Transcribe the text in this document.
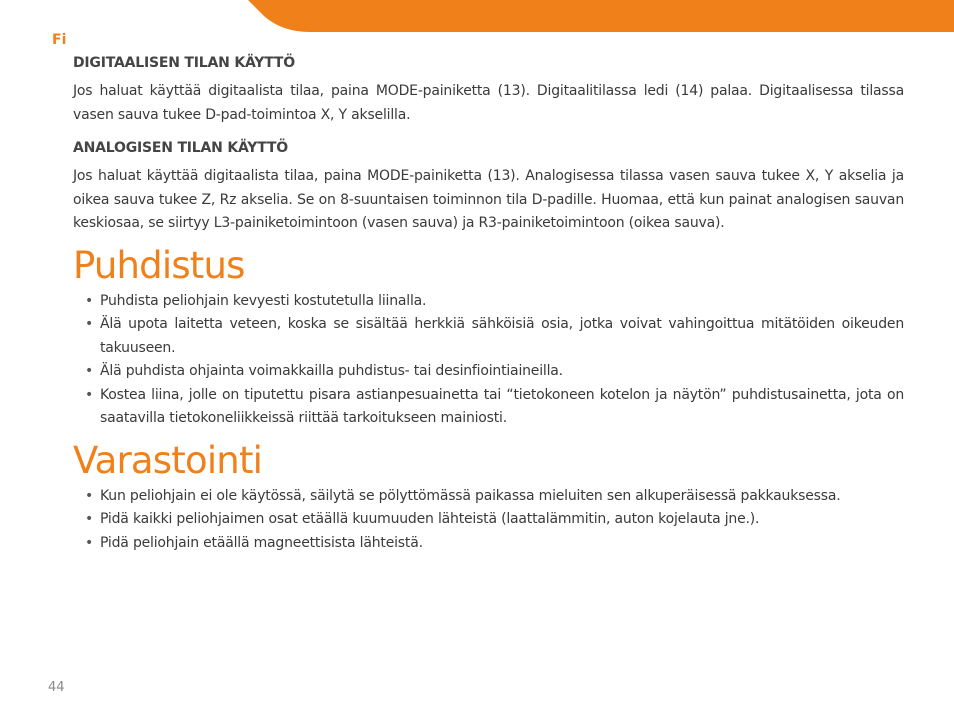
Fi
DIGITAALISEN TILAN KÄYTTÖ

Jos haluat käyttää digitaalista tilaa, paina MODE-painiketta (13). Digitaalitilassa ledi (14) palaa. Digitaalisessa tilassa vasen sauva tukee D-pad-toimintoa X, Y akselilla.

ANALOGISEN TILAN KÄYTTÖ

Jos haluat käyttää digitaalista tilaa, paina MODE-painiketta (13). Analogisessa tilassa vasen sauva tukee X, Y akselia ja oikea sauva tukee Z, Rz akselia. Se on 8-suuntaisen toiminnon tila D-padille. Huomaa, että kun painat analogisen sauvan keskiosaa, se siirtyy L3-painiketoimintoon (vasen sauva) ja R3-painiketoimintoon (oikea sauva).

Puhdistus
• Puhdista peliohjain kevyesti kostutetulla liinalla.
• Älä upota laitetta veteen, koska se sisältää herkkiä sähköisiä osia, jotka voivat vahingoittua mitätöiden oikeuden takuuseen.
• Älä puhdista ohjainta voimakkailla puhdistus- tai desinfiointiaineilla.
• Kostea liina, jolle on tiputettu pisara astianpesuainetta tai “tietokoneen kotelon ja näytön” puhdistusainetta, jota on saatavilla tietokoneliikkeissä riittää tarkoitukseen mainiosti.
Varastointi
• Kun peliohjain ei ole käytössä, säilytä se pölyttömässä paikassa mieluiten sen alkuperäisessä pakkauksessa.
• Pidä kaikki peliohjaimen osat etäällä kuumuuden lähteistä (laattalämmitin, auton kojelauta jne.).
• Pidä peliohjain etäällä magneettisista lähteistä.
44
